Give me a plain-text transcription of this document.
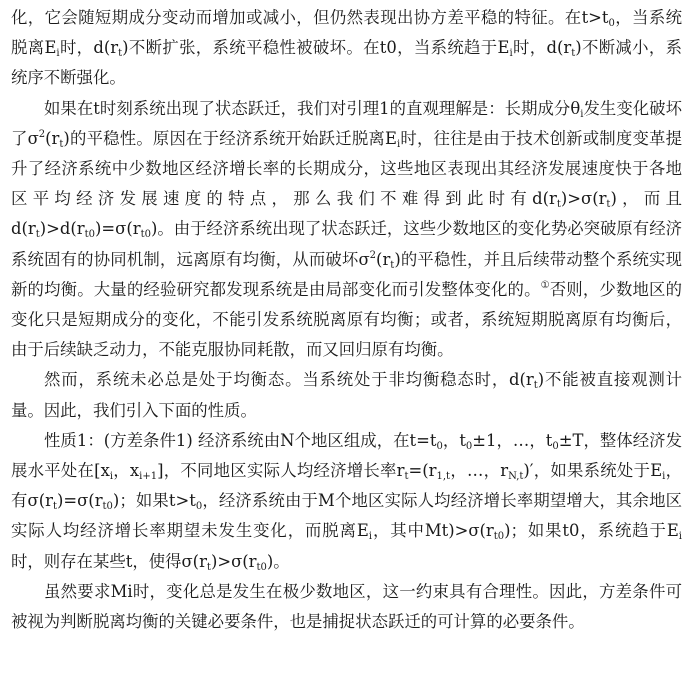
化，它会随短期成分变动而增加或减小，但仍然表现出协方差平稳的特征。在$t>t_0$，当系统脱离$E_i$时，$d(r_t)$不断扩张，系统平稳性被破坏。在t0，当系统趋于$E_i$时，$d(r_t)$不断减小，系统序不断强化。

如果在t时刻系统出现了状态跃迁，我们对引理1的直观理解是：长期成分$\theta_i$发生变化破坏了$\sigma^2(r_t)$的平稳性。原因在于经济系统开始跃迁脱离$E_i$时，往往是由于技术创新或制度变革提升了经济系统中少数地区经济增长率的长期成分，这些地区表现出其经济发展速度快于各地区平均经济发展速度的特点，那么我们不难得到此时有$d(r_t)>\sigma(r_t)$，而且$d(r_t)>d(r_{t0})=\sigma(r_{t0})$。由于经济系统出现了状态跃迁，这些少数地区的变化势必突破原有经济系统固有的协同机制，远离原有均衡，从而破坏$\sigma^2(r_t)$的平稳性，并且后续带动整个系统实现新的均衡。大量的经验研究都发现系统是由局部变化而引发整体变化的。①否则，少数地区的变化只是短期成分的变化，不能引发系统脱离原有均衡；或者，系统短期脱离原有均衡后，由于后续缺乏动力，不能克服协同耗散，而又回归原有均衡。

然而，系统未必总是处于均衡态。当系统处于非均衡稳态时，$d(r_t)$不能被直接观测计量。因此，我们引入下面的性质。

性质1：(方差条件1) 经济系统由N个地区组成，在$t=t_0$，$t_0\pm 1$，…，$t_0\pm T$，整体经济发展水平处在[$x_i$，$x_{i+1}$]，不同地区实际人均经济增长率$r_t=(r_{1,t}$，…，$r_{N,t})'$，如果系统处于$E_i$，有$\sigma(r_t)=\sigma(r_{t0})$；如果$t>t_0$，经济系统由于M个地区实际人均经济增长率期望增大，其余地区实际人均经济增长率期望未发生变化，而脱离$E_i$，其中$Mt)>\sigma(r_{t0})$；如果t0，系统趋于$E_i$时，则存在某些t，使得$\sigma(r_t)>\sigma(r_{t0})$。

虽然要求Mi时，变化总是发生在极少数地区，这一约束具有合理性。因此，方差条件可被视为判断脱离均衡的关键必要条件，也是捕捉状态跃迁的可计算的必要条件。
